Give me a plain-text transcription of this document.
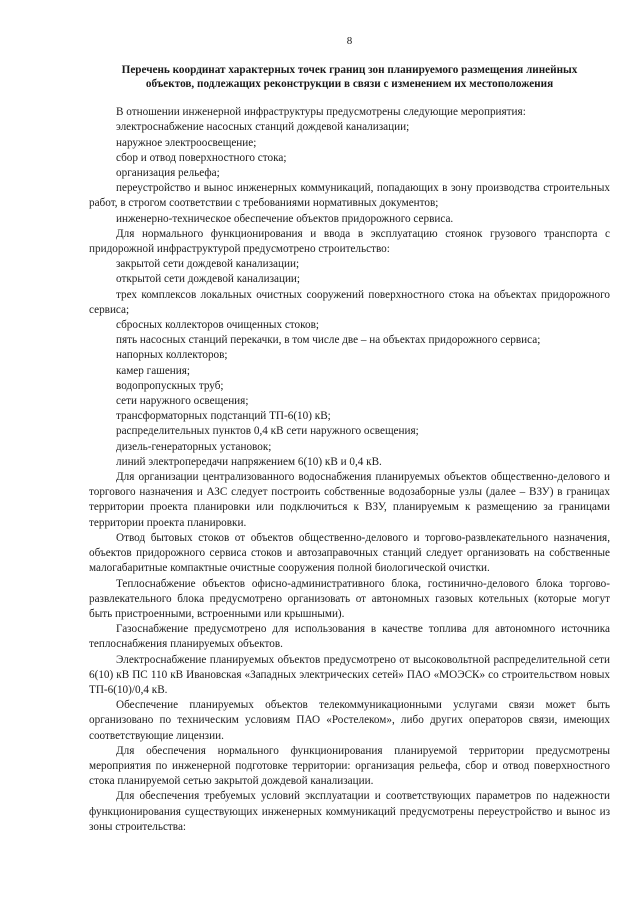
8
Перечень координат характерных точек границ зон планируемого размещения линейных
объектов, подлежащих реконструкции в связи с изменением их местоположения

В отношении инженерной инфраструктуры предусмотрены следующие мероприятия:

электроснабжение насосных станций дождевой канализации;

наружное электроосвещение;

сбор и отвод поверхностного стока;

организация рельефа;

переустройство и вынос инженерных коммуникаций, попадающих в зону производства строительных работ, в строгом соответствии с требованиями нормативных документов;

инженерно-техническое обеспечение объектов придорожного сервиса.

Для нормального функционирования и ввода в эксплуатацию стоянок грузового транспорта с придорожной инфраструктурой предусмотрено строительство:

закрытой сети дождевой канализации;

открытой сети дождевой канализации;

трех комплексов локальных очистных сооружений поверхностного стока на объектах придорожного сервиса;

сбросных коллекторов очищенных стоков;

пять насосных станций перекачки, в том числе две – на объектах придорожного сервиса;

напорных коллекторов;

камер гашения;

водопропускных труб;

сети наружного освещения;

трансформаторных подстанций ТП-6(10) кВ;

распределительных пунктов 0,4 кВ сети наружного освещения;

дизель-генераторных установок;

линий электропередачи напряжением 6(10) кВ и 0,4 кВ.

Для организации централизованного водоснабжения планируемых объектов общественно-делового и торгового назначения и АЗС следует построить собственные водозаборные узлы (далее – ВЗУ) в границах территории проекта планировки или подключиться к ВЗУ, планируемым к размещению за границами территории проекта планировки.

Отвод бытовых стоков от объектов общественно-делового и торгово-развлекательного назначения, объектов придорожного сервиса стоков и автозаправочных станций следует организовать на собственные малогабаритные компактные очистные сооружения полной биологической очистки.

Теплоснабжение объектов офисно-административного блока, гостинично-делового блока торгово-развлекательного блока предусмотрено организовать от автономных газовых котельных (которые могут быть пристроенными, встроенными или крышными).

Газоснабжение предусмотрено для использования в качестве топлива для автономного источника теплоснабжения планируемых объектов.

Электроснабжение планируемых объектов предусмотрено от высоковольтной распределительной сети 6(10) кВ ПС 110 кВ Ивановская «Западных электрических сетей» ПАО «МОЭСК» со строительством новых ТП-6(10)/0,4 кВ.

Обеспечение планируемых объектов телекоммуникационными услугами связи может быть организовано по техническим условиям ПАО «Ростелеком», либо других операторов связи, имеющих соответствующие лицензии.

Для обеспечения нормального функционирования планируемой территории предусмотрены мероприятия по инженерной подготовке территории: организация рельефа, сбор и отвод поверхностного стока планируемой сетью закрытой дождевой канализации.

Для обеспечения требуемых условий эксплуатации и соответствующих параметров по надежности функционирования существующих инженерных коммуникаций предусмотрены переустройство и вынос из зоны строительства:
